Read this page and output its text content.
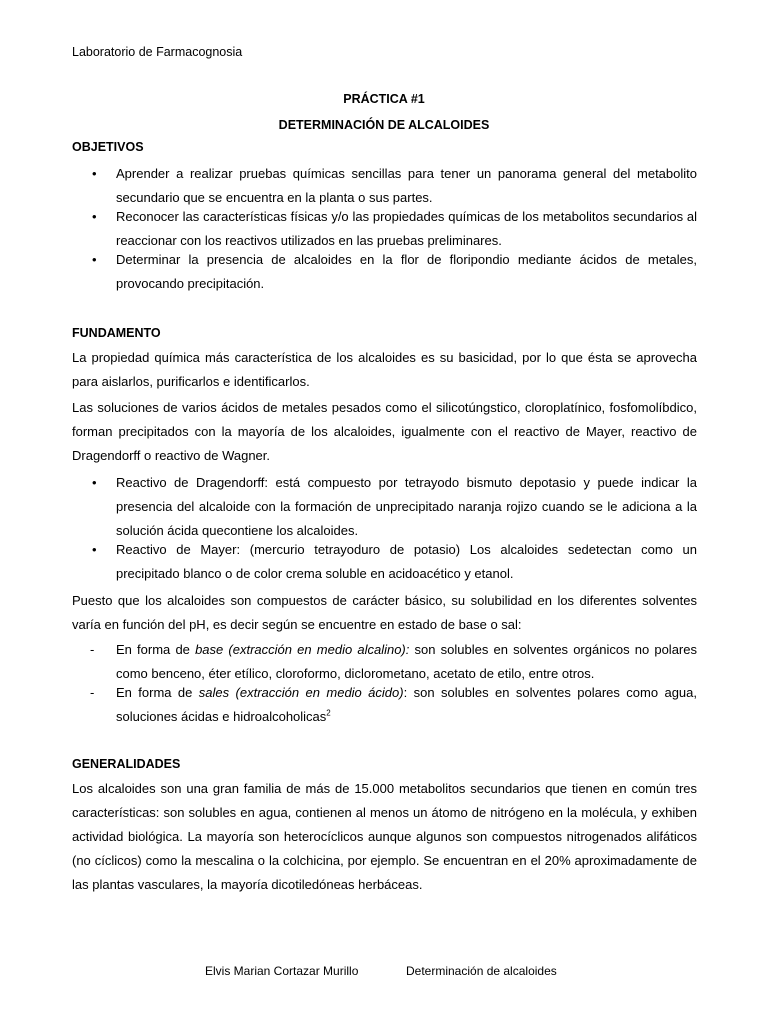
Laboratorio de Farmacognosia
PRÁCTICA #1
DETERMINACIÓN DE ALCALOIDES
OBJETIVOS
• Aprender a realizar pruebas químicas sencillas para tener un panorama general del metabolito secundario que se encuentra en la planta o sus partes.
• Reconocer las características físicas y/o las propiedades químicas de los metabolitos secundarios al reaccionar con los reactivos utilizados en las pruebas preliminares.
• Determinar la presencia de alcaloides en la flor de floripondio mediante ácidos de metales, provocando precipitación.
FUNDAMENTO

La propiedad química más característica de los alcaloides es su basicidad, por lo que ésta se aprovecha para aislarlos, purificarlos e identificarlos.

Las soluciones de varios ácidos de metales pesados como el silicotúngstico, cloroplatínico, fosfomolíbdico, forman precipitados con la mayoría de los alcaloides, igualmente con el reactivo de Mayer, reactivo de Dragendorff o reactivo de Wagner.

• Reactivo de Dragendorff: está compuesto por tetrayodo bismuto depotasio y puede indicar la presencia del alcaloide con la formación de unprecipitado naranja rojizo cuando se le adiciona a la solución ácida quecontiene los alcaloides.
• Reactivo de Mayer: (mercurio tetrayoduro de potasio) Los alcaloides sedetectan como un precipitado blanco o de color crema soluble en acidoacético y etanol.

Puesto que los alcaloides son compuestos de carácter básico, su solubilidad en los diferentes solventes varía en función del pH, es decir según se encuentre en estado de base o sal:

- En forma de base (extracción en medio alcalino): son solubles en solventes orgánicos no polares como benceno, éter etílico, cloroformo, diclorometano, acetato de etilo, entre otros.
- En forma de sales (extracción en medio ácido): son solubles en solventes polares como agua, soluciones ácidas e hidroalcoholicas$^2$
GENERALIDADES

Los alcaloides son una gran familia de más de 15.000 metabolitos secundarios que tienen en común tres características: son solubles en agua, contienen al menos un átomo de nitrógeno en la molécula, y exhiben actividad biológica. La mayoría son heterocíclicos aunque algunos son compuestos nitrogenados alifáticos (no cíclicos) como la mescalina o la colchicina, por ejemplo. Se encuentran en el 20% aproximadamente de las plantas vasculares, la mayoría dicotiledóneas herbáceas.

Elvis Marian Cortazar Murillo	Determinación de alcaloides
